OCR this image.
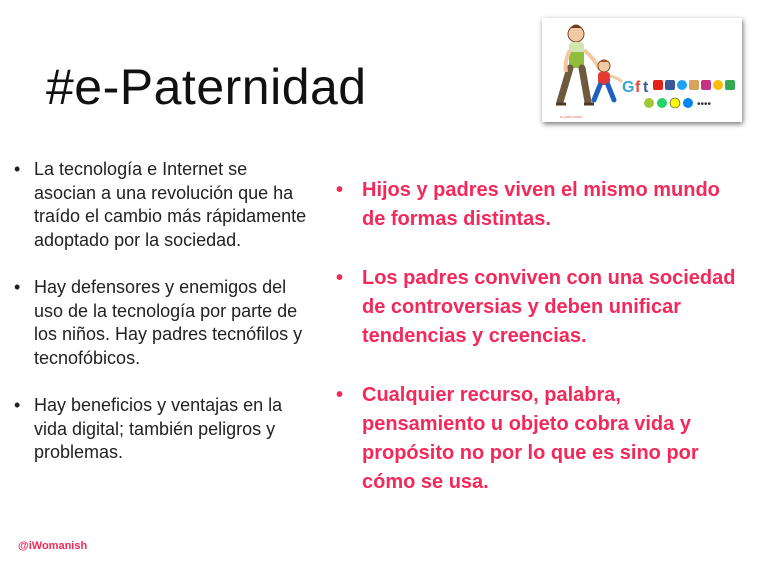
#e-Paternidad	G f t
••••
e-paternidad
• La tecnología e Internet se asocian a una revolución que ha traído el cambio más rápidamente adoptado por la sociedad.
• Hay defensores y enemigos del uso de la tecnología por parte de los niños. Hay padres tecnófilos y tecnofóbicos.
• Hay beneficios y ventajas en la vida digital; también peligros y problemas.
• Hijos y padres viven el mismo mundo de formas distintas.
• Los padres conviven con una sociedad de controversias y deben unificar tendencias y creencias.
• Cualquier recurso, palabra, pensamiento u objeto cobra vida y propósito no por lo que es sino por cómo se usa.
@iWomanish
